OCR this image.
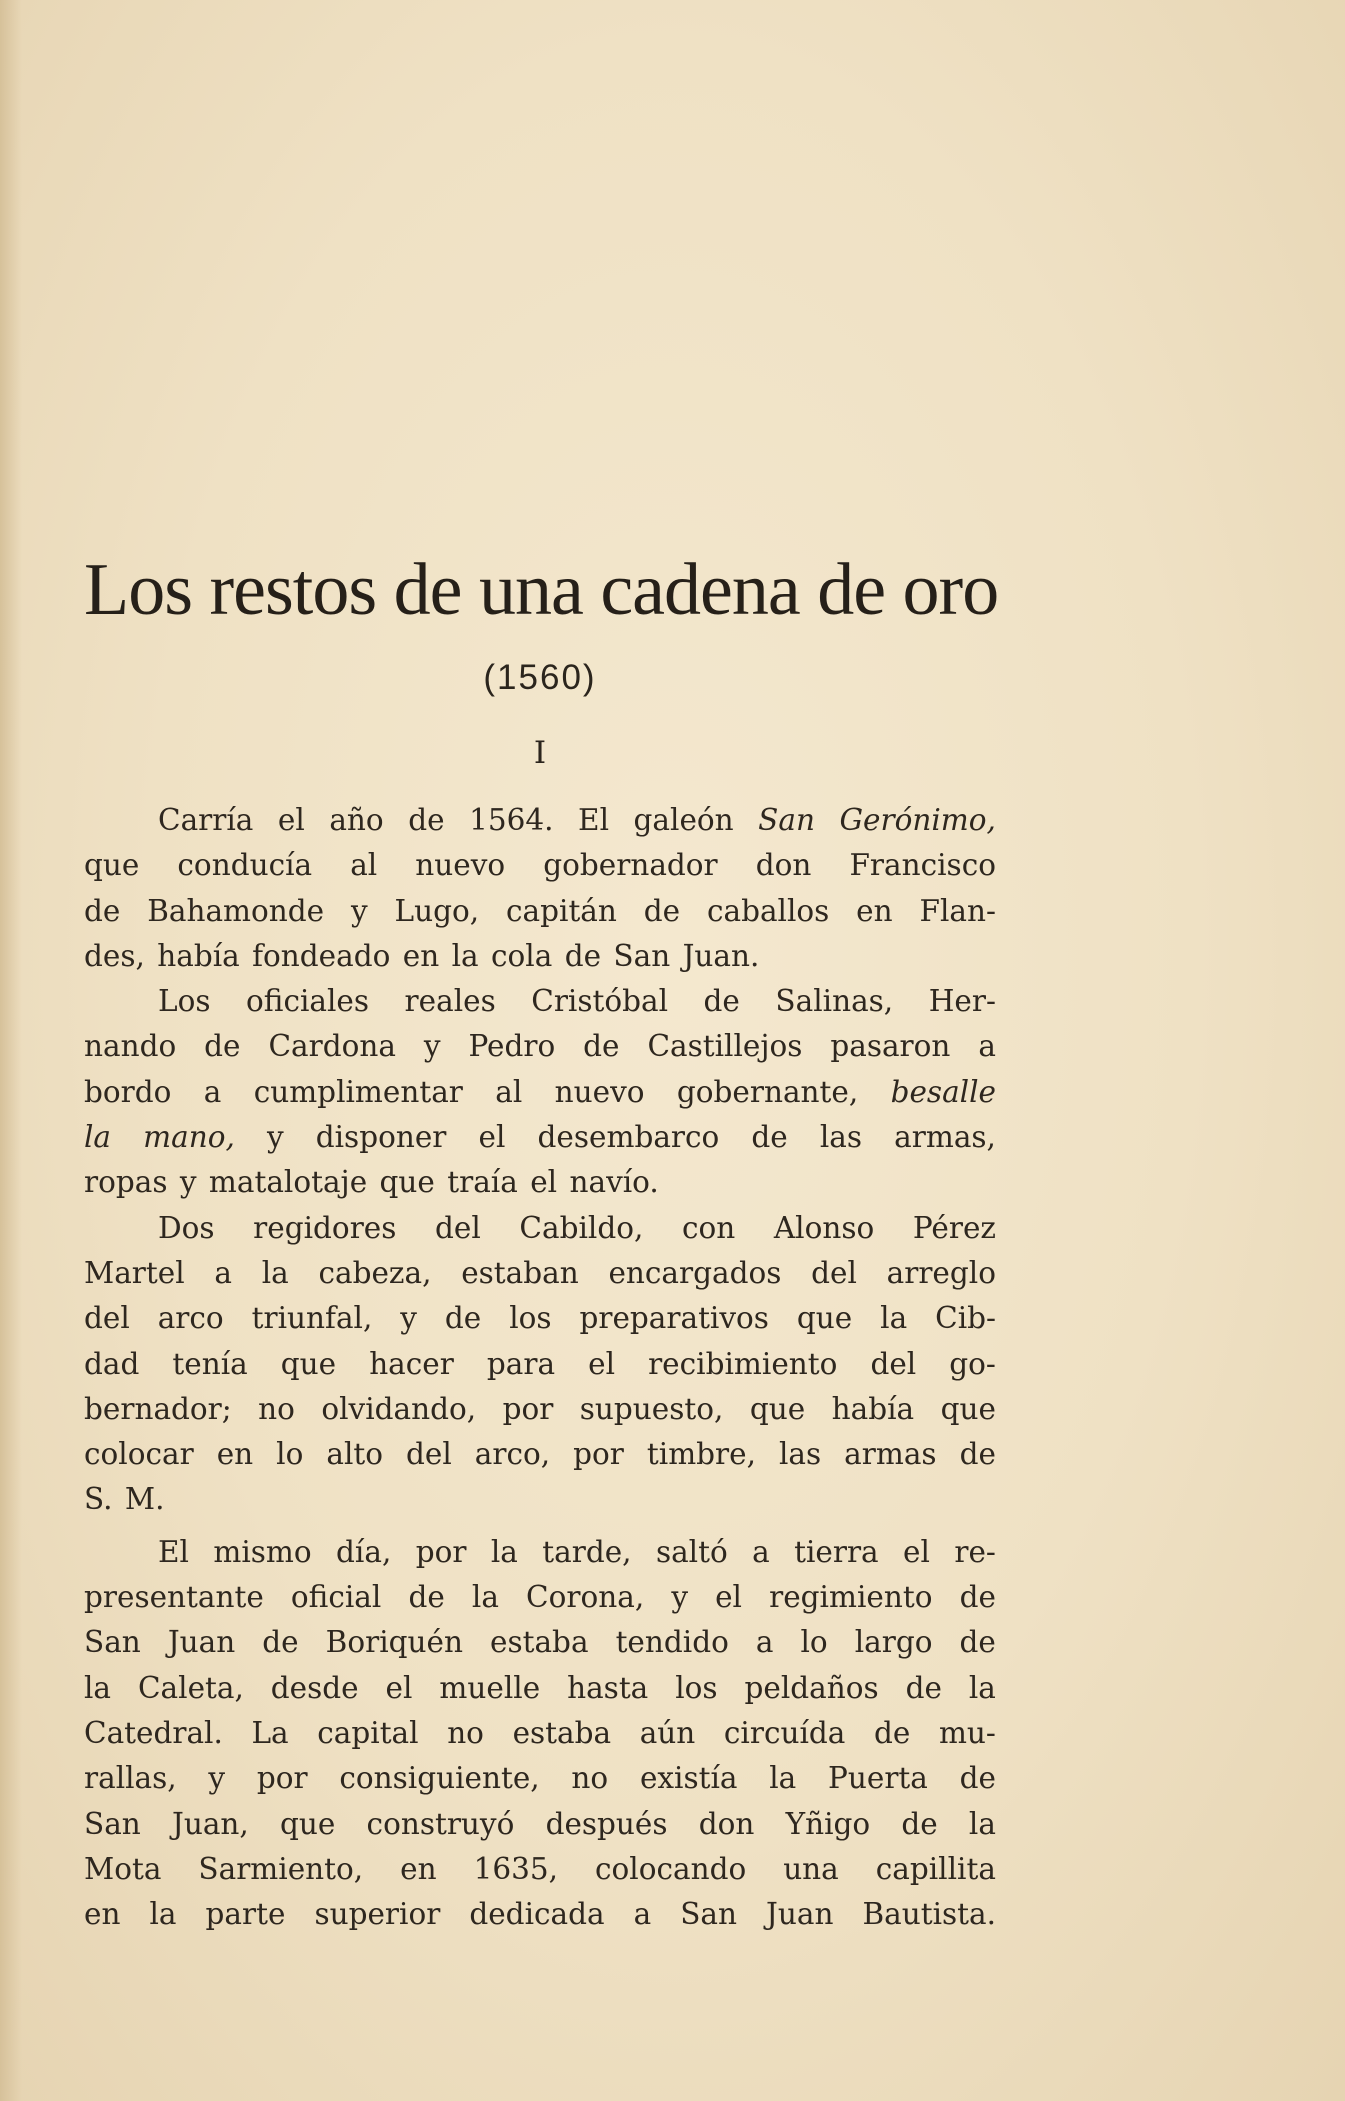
Los restos de una cadena de oro
(1560)
I
Carría el año de 1564. El galeón San Gerónimo,
que conducía al nuevo gobernador don Francisco
de Bahamonde y Lugo, capitán de caballos en Flan-
des, había fondeado en la cola de San Juan.
Los oficiales reales Cristóbal de Salinas, Her-
nando de Cardona y Pedro de Castillejos pasaron a
bordo a cumplimentar al nuevo gobernante, besalle
la mano, y disponer el desembarco de las armas,
ropas y matalotaje que traía el navío.
Dos regidores del Cabildo, con Alonso Pérez
Martel a la cabeza, estaban encargados del arreglo
del arco triunfal, y de los preparativos que la Cib-
dad tenía que hacer para el recibimiento del go-
bernador; no olvidando, por supuesto, que había que
colocar en lo alto del arco, por timbre, las armas de
S. M.
El mismo día, por la tarde, saltó a tierra el re-
presentante oficial de la Corona, y el regimiento de
San Juan de Boriquén estaba tendido a lo largo de
la Caleta, desde el muelle hasta los peldaños de la
Catedral. La capital no estaba aún circuída de mu-
rallas, y por consiguiente, no existía la Puerta de
San Juan, que construyó después don Yñigo de la
Mota Sarmiento, en 1635, colocando una capillita
en la parte superior dedicada a San Juan Bautista.
